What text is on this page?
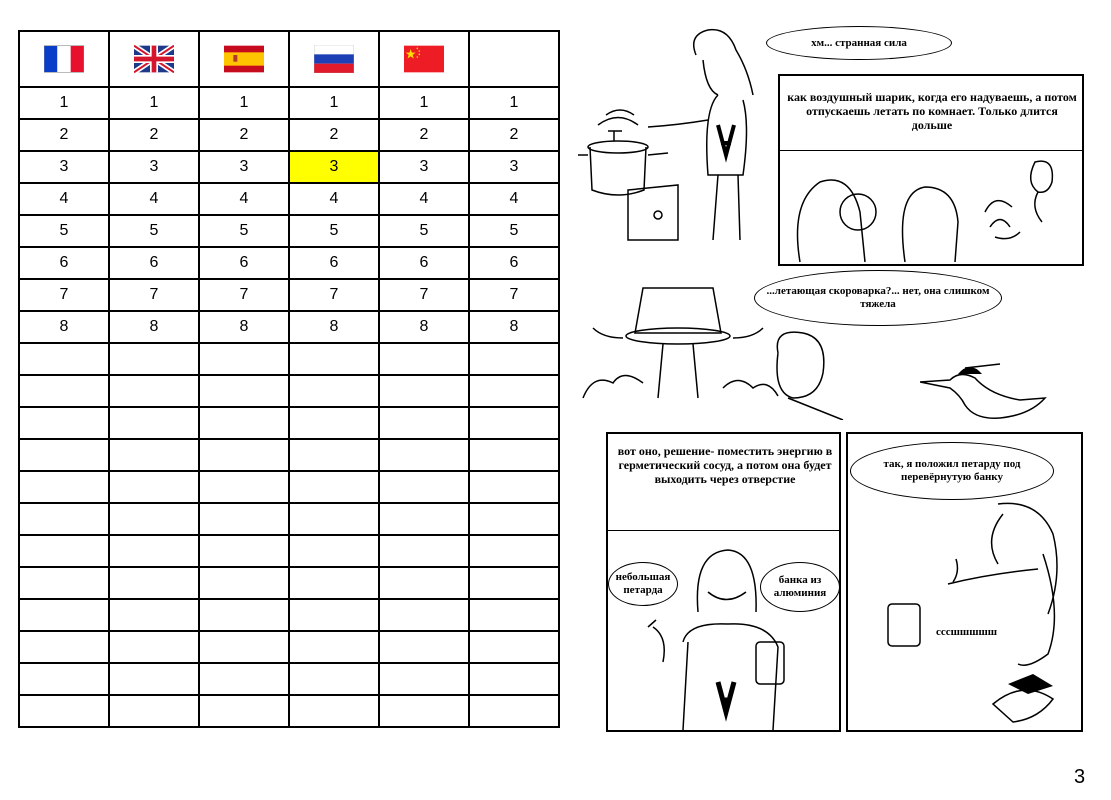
1	1	1	1	1	1
2	2	2	2	2	2
3	3	3	3	3	3
4	4	4	4	4	4
5	5	5	5	5	5
6	6	6	6	6	6
7	7	7	7	7	7
8	8	8	8	8	8

хм... странная сила
как воздушный шарик, когда его надуваешь, а потом отпускаешь летать по комнает. Только длится дольше
...летающая скороварка?... нет, она слишком тяжела
вот оно, решение- поместить энергию в герметический сосуд, а потом она будет выходить через отверстие
небольшая петарда
банка из алюминия
так, я положил петарду под перевёрнутую банку
сссшшшшш
3
